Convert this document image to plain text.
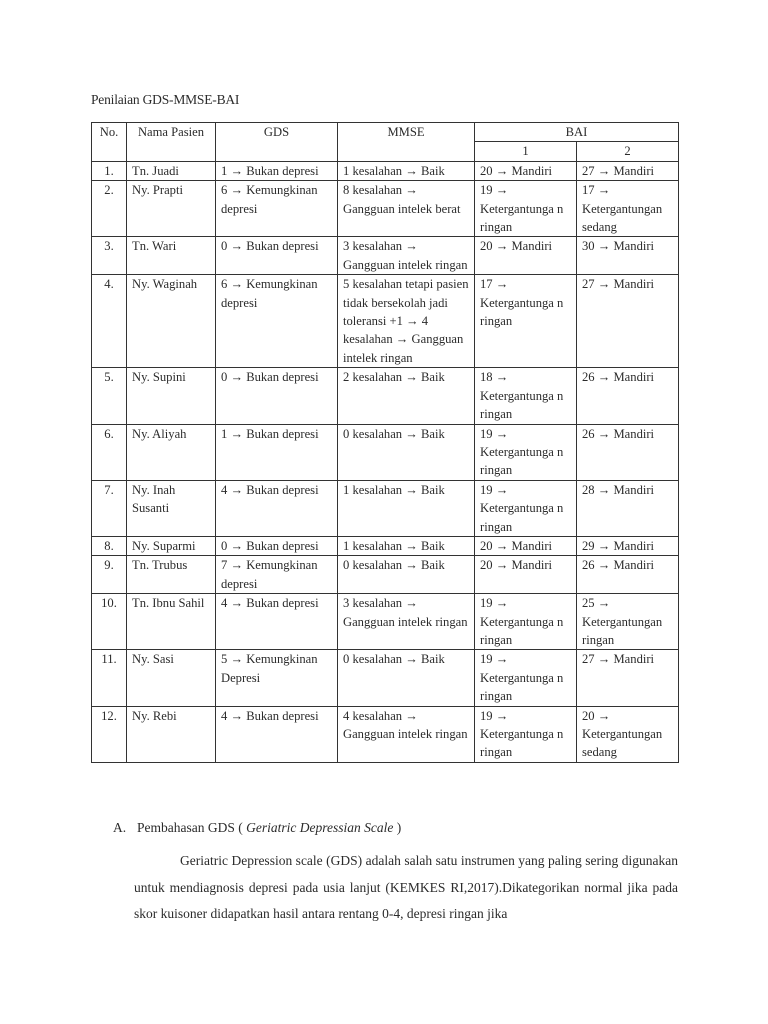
Penilaian GDS-MMSE-BAI
No.	Nama Pasien	GDS	MMSE	BAI	
				1	2
1.	Tn. Juadi	1 → Bukan depresi	1 kesalahan → Baik	20 → Mandiri	27 → Mandiri
2.	Ny. Prapti	6 → Kemungkinan depresi	8 kesalahan → Gangguan intelek berat	19 → Ketergantunga n ringan	17 → Ketergantungan sedang
3.	Tn. Wari	0 → Bukan depresi	3 kesalahan → Gangguan intelek ringan	20 → Mandiri	30 → Mandiri
4.	Ny. Waginah	6 → Kemungkinan depresi	5 kesalahan tetapi pasien tidak bersekolah jadi toleransi +1 → 4 kesalahan → Gangguan intelek ringan	17 → Ketergantunga n ringan	27 → Mandiri
5.	Ny. Supini	0 → Bukan depresi	2 kesalahan → Baik	18 → Ketergantunga n ringan	26 → Mandiri
6.	Ny. Aliyah	1 → Bukan depresi	0 kesalahan → Baik	19 → Ketergantunga n ringan	26 → Mandiri
7.	Ny. Inah Susanti	4 → Bukan depresi	1 kesalahan → Baik	19 → Ketergantunga n ringan	28 → Mandiri
8.	Ny. Suparmi	0 → Bukan depresi	1 kesalahan → Baik	20 → Mandiri	29 → Mandiri
9.	Tn. Trubus	7 → Kemungkinan depresi	0 kesalahan → Baik	20 → Mandiri	26 → Mandiri
10.	Tn. Ibnu Sahil	4 → Bukan depresi	3 kesalahan → Gangguan intelek ringan	19 → Ketergantunga n ringan	25 → Ketergantungan ringan
11.	Ny. Sasi	5 → Kemungkinan Depresi	0 kesalahan → Baik	19 → Ketergantunga n ringan	27 → Mandiri
12.	Ny. Rebi	4 → Bukan depresi	4 kesalahan → Gangguan intelek ringan	19 → Ketergantunga n ringan	20 → Ketergantungan sedang
A. Pembahasan GDS ( Geriatric Depressian Scale )
Geriatric Depression scale (GDS) adalah salah satu instrumen yang paling sering digunakan untuk mendiagnosis depresi pada usia lanjut (KEMKES RI,2017).Dikategorikan normal jika pada skor kuisoner didapatkan hasil antara rentang 0-4, depresi ringan jika
